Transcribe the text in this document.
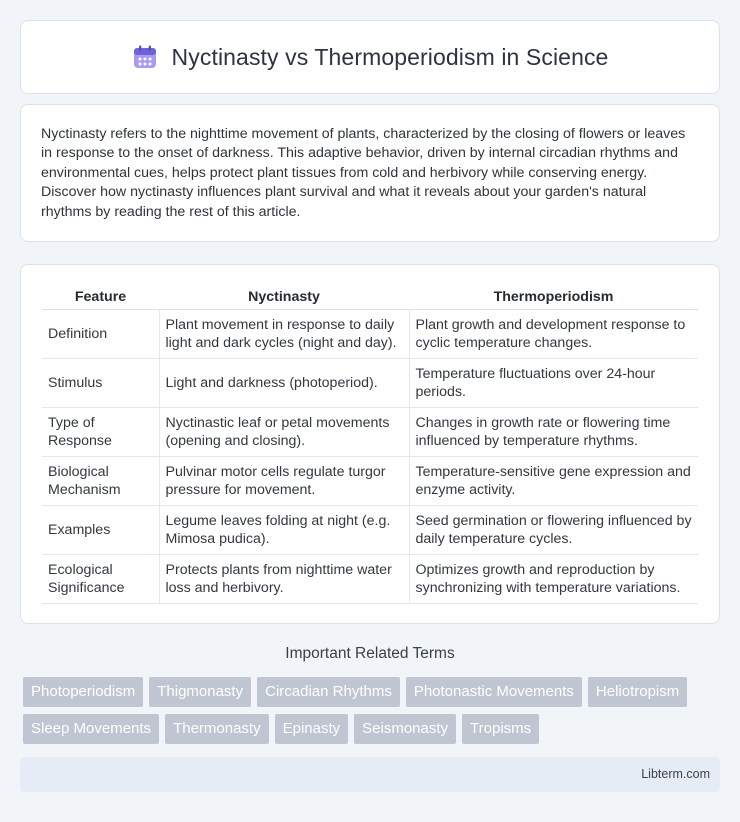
Nyctinasty vs Thermoperiodism in Science

Nyctinasty refers to the nighttime movement of plants, characterized by the closing of flowers or leaves in response to the onset of darkness. This adaptive behavior, driven by internal circadian rhythms and environmental cues, helps protect plant tissues from cold and herbivory while conserving energy. Discover how nyctinasty influences plant survival and what it reveals about your garden's natural rhythms by reading the rest of this article.

Feature	Nyctinasty	Thermoperiodism
Definition	Plant movement in response to daily light and dark cycles (night and day).	Plant growth and development response to cyclic temperature changes.
Stimulus	Light and darkness (photoperiod).	Temperature fluctuations over 24-hour periods.
Type of Response	Nyctinastic leaf or petal movements (opening and closing).	Changes in growth rate or flowering time influenced by temperature rhythms.
Biological Mechanism	Pulvinar motor cells regulate turgor pressure for movement.	Temperature-sensitive gene expression and enzyme activity.
Examples	Legume leaves folding at night (e.g. Mimosa pudica).	Seed germination or flowering influenced by daily temperature cycles.
Ecological Significance	Protects plants from nighttime water loss and herbivory.	Optimizes growth and reproduction by synchronizing with temperature variations.
Important Related Terms
Photoperiodism	Thigmonasty	Circadian Rhythms	Photonastic Movements	Heliotropism
Sleep Movements	Thermonasty	Epinasty	Seismonasty	Tropisms
Libterm.com
